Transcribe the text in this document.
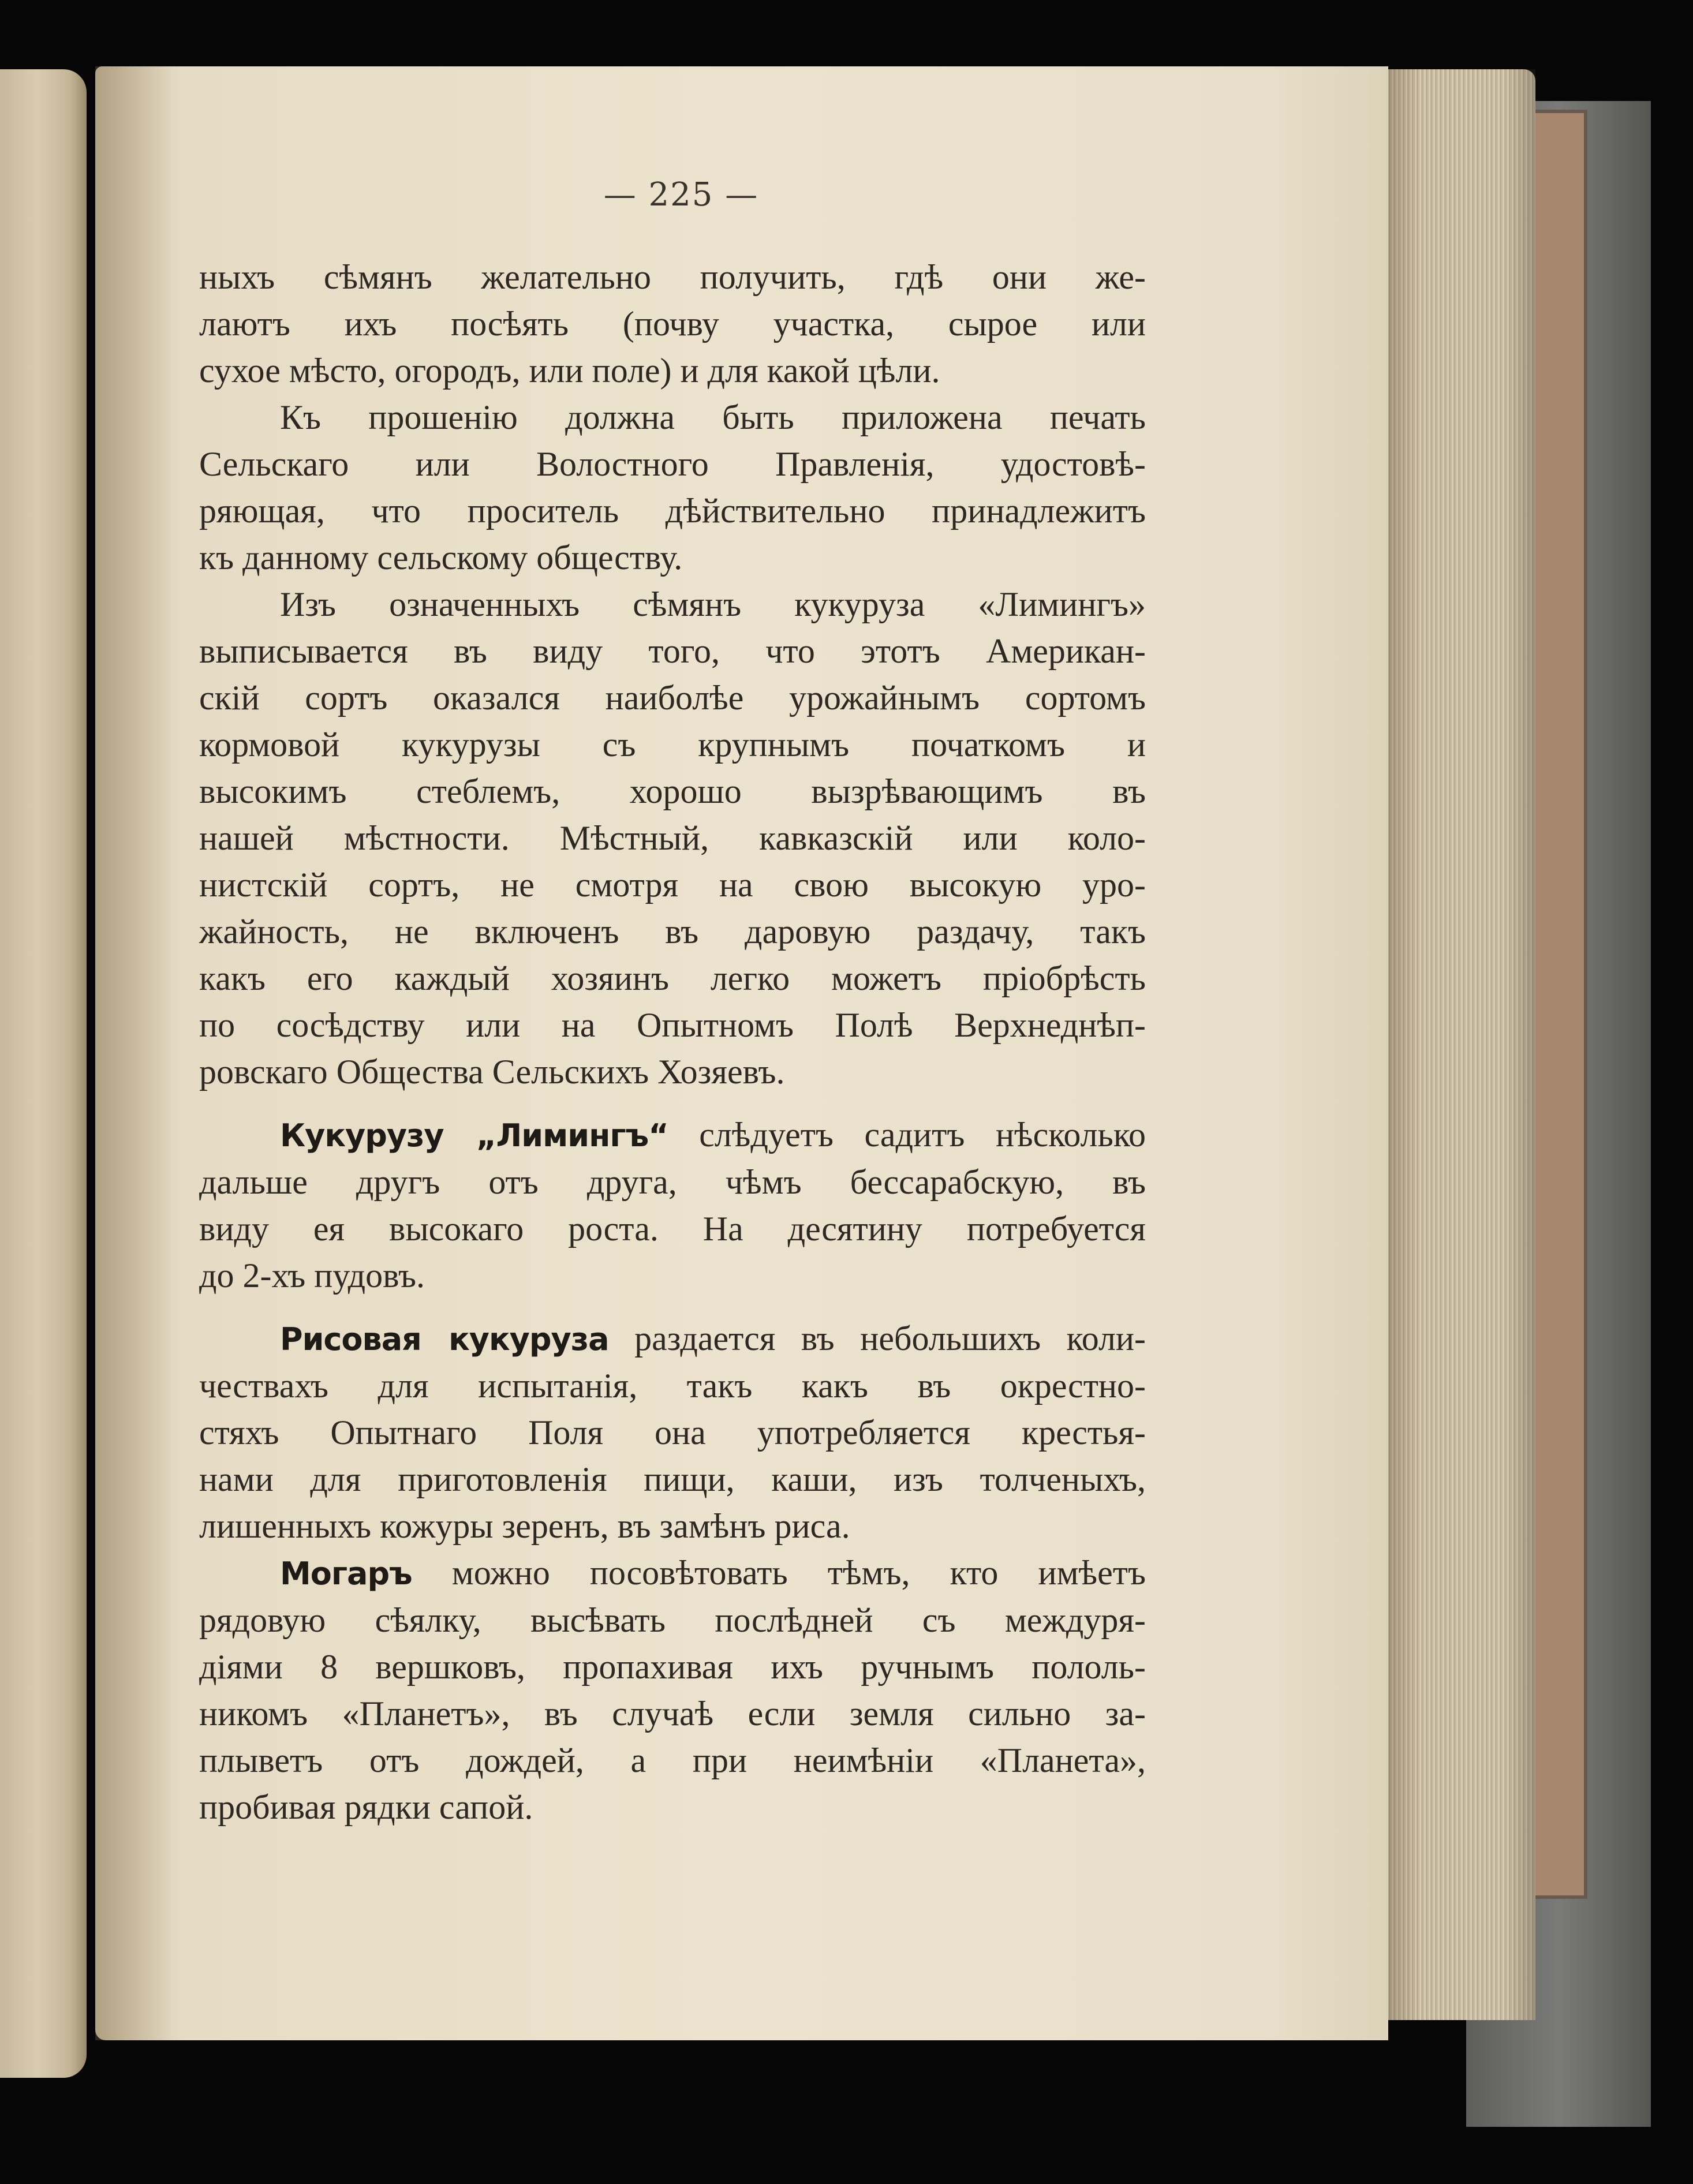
— 225 —

ныхъ сѣмянъ желательно получить, гдѣ они же-

лаютъ ихъ посѣять (почву участка, сырое или

сухое мѣсто, огородъ, или поле) и для какой цѣли.

Къ прошенію должна быть приложена печать

Сельскаго или Волостного Правленія, удостовѣ-

ряющая, что проситель дѣйствительно принадлежитъ

къ данному сельскому обществу.

Изъ означенныхъ сѣмянъ кукуруза «Лимингъ»

выписывается въ виду того, что этотъ Американ-

скій сортъ оказался наиболѣе урожайнымъ сортомъ

кормовой кукурузы съ крупнымъ початкомъ и

высокимъ стеблемъ, хорошо вызрѣвающимъ въ

нашей мѣстности. Мѣстный, кавказскій или коло-

нистскій сортъ, не смотря на свою высокую уро-

жайность, не включенъ въ даровую раздачу, такъ

какъ его каждый хозяинъ легко можетъ пріобрѣсть

по сосѣдству или на Опытномъ Полѣ Верхнеднѣп-

ровскаго Общества Сельскихъ Хозяевъ.

Кукурузу „Лимингъ“ слѣдуетъ садитъ нѣсколько

дальше другъ отъ друга, чѣмъ бессарабскую, въ

виду ея высокаго роста. На десятину потребуется

до 2-хъ пудовъ.

Рисовая кукуруза раздается въ небольшихъ коли-

чествахъ для испытанія, такъ какъ въ окрестно-

стяхъ Опытнаго Поля она употребляется крестья-

нами для приготовленія пищи, каши, изъ толченыхъ,

лишенныхъ кожуры зеренъ, въ замѣнъ риса.

Могаръ можно посовѣтовать тѣмъ, кто имѣетъ

рядовую сѣялку, высѣвать послѣдней съ междуря-

діями 8 вершковъ, пропахивая ихъ ручнымъ пололь-

никомъ «Планетъ», въ случаѣ если земля сильно за-

плыветъ отъ дождей, а при неимѣніи «Планета»,

пробивая рядки сапой.
